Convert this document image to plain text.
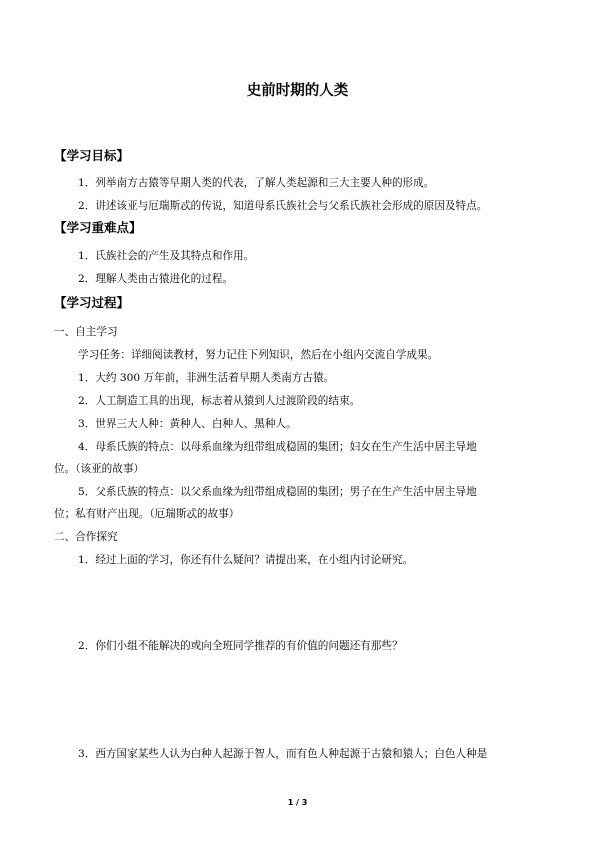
史前时期的人类
【学习目标】
1．列举南方古猿等早期人类的代表，了解人类起源和三大主要人种的形成。
2．讲述该亚与厄瑞斯忒的传说，知道母系氏族社会与父系氏族社会形成的原因及特点。
【学习重难点】
1．氏族社会的产生及其特点和作用。
2．理解人类由古猿进化的过程。
【学习过程】
一、自主学习
学习任务：详细阅读教材，努力记住下列知识，然后在小组内交流自学成果。
1．大约 300 万年前，非洲生活着早期人类南方古猿。
2．人工制造工具的出现，标志着从猿到人过渡阶段的结束。
3．世界三大人种：黄种人、白种人、黑种人。
4．母系氏族的特点：以母系血缘为纽带组成稳固的集团；妇女在生产生活中居主导地
位。（该亚的故事）
5．父系氏族的特点：以父系血缘为纽带组成稳固的集团；男子在生产生活中居主导地
位；私有财产出现。（厄瑞斯忒的故事）
二、合作探究
1．经过上面的学习，你还有什么疑问？请提出来，在小组内讨论研究。
2．你们小组不能解决的或向全班同学推荐的有价值的问题还有那些？
3．西方国家某些人认为白种人起源于智人，而有色人种起源于古猿和猿人；白色人种是
1 / 3
